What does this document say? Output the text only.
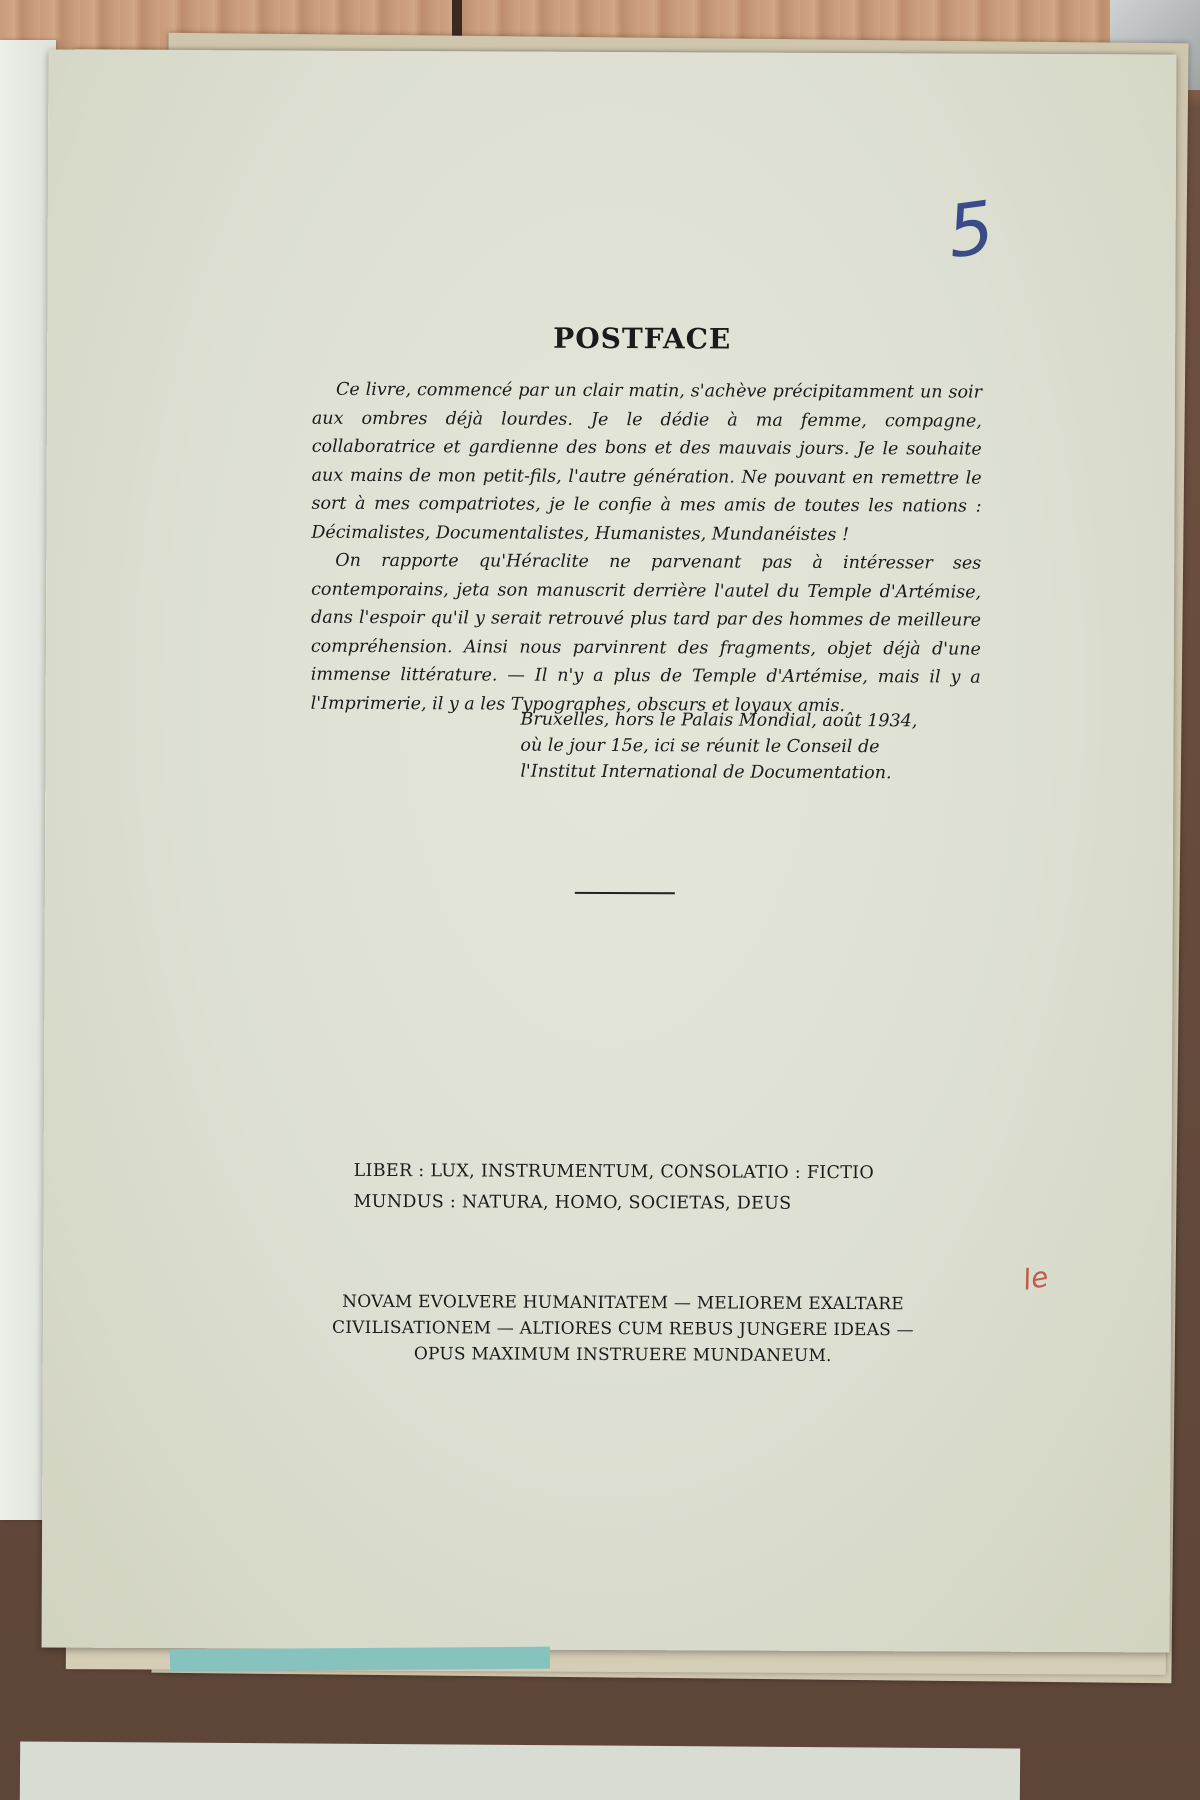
5
POSTFACE

Ce livre, commencé par un clair matin, s'achève précipitamment un soir aux ombres déjà lourdes. Je le dédie à ma femme, compagne, collaboratrice et gardienne des bons et des mauvais jours. Je le souhaite aux mains de mon petit-fils, l'autre génération. Ne pouvant en remettre le sort à mes compatriotes, je le confie à mes amis de toutes les nations : Décimalistes, Documentalistes, Humanistes, Mundanéistes !

On rapporte qu'Héraclite ne parvenant pas à intéresser ses contemporains, jeta son manuscrit derrière l'autel du Temple d'Artémise, dans l'espoir qu'il y serait retrouvé plus tard par des hommes de meilleure compréhension. Ainsi nous parvinrent des fragments, objet déjà d'une immense littérature. — Il n'y a plus de Temple d'Artémise, mais il y a l'Imprimerie, il y a les Typographes, obscurs et loyaux amis.

Bruxelles, hors le Palais Mondial, août 1934,
où le jour 15e, ici se réunit le Conseil de
l'Institut International de Documentation.
LIBER : LUX, INSTRUMENTUM, CONSOLATIO : FICTIO
MUNDUS : NATURA, HOMO, SOCIETAS, DEUS
le
NOVAM EVOLVERE HUMANITATEM — MELIOREM EXALTARE
CIVILISATIONEM — ALTIORES CUM REBUS JUNGERE IDEAS —
OPUS MAXIMUM INSTRUERE MUNDANEUM.
